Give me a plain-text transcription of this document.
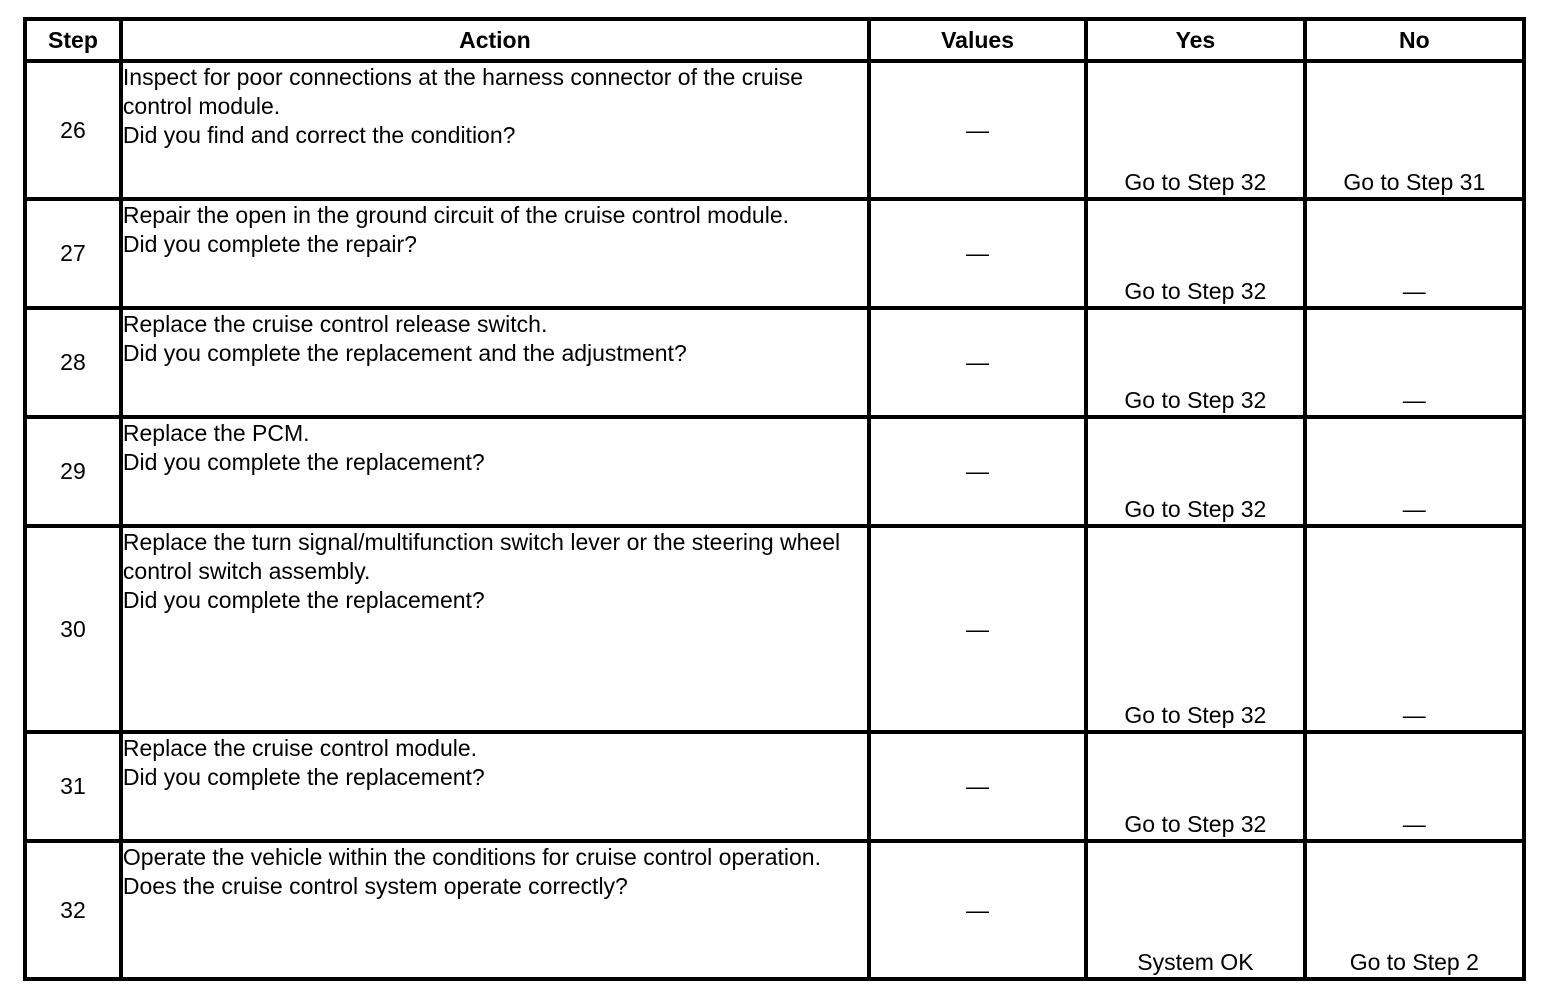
Step	Action	Values	Yes	No
26	Inspect for poor connections at the harness connector of the cruise control module.
Did you find and correct the condition?	—	Go to Step 32	Go to Step 31
27	Repair the open in the ground circuit of the cruise control module.
Did you complete the repair?	—	Go to Step 32	—
28	Replace the cruise control release switch.
Did you complete the replacement and the adjustment?	—	Go to Step 32	—
29	Replace the PCM.
Did you complete the replacement?	—	Go to Step 32	—
30	Replace the turn signal/multifunction switch lever or the steering wheel control switch assembly.
Did you complete the replacement?	—	Go to Step 32	—
31	Replace the cruise control module.
Did you complete the replacement?	—	Go to Step 32	—
32	Operate the vehicle within the conditions for cruise control operation.
Does the cruise control system operate correctly?	—	System OK	Go to Step 2
